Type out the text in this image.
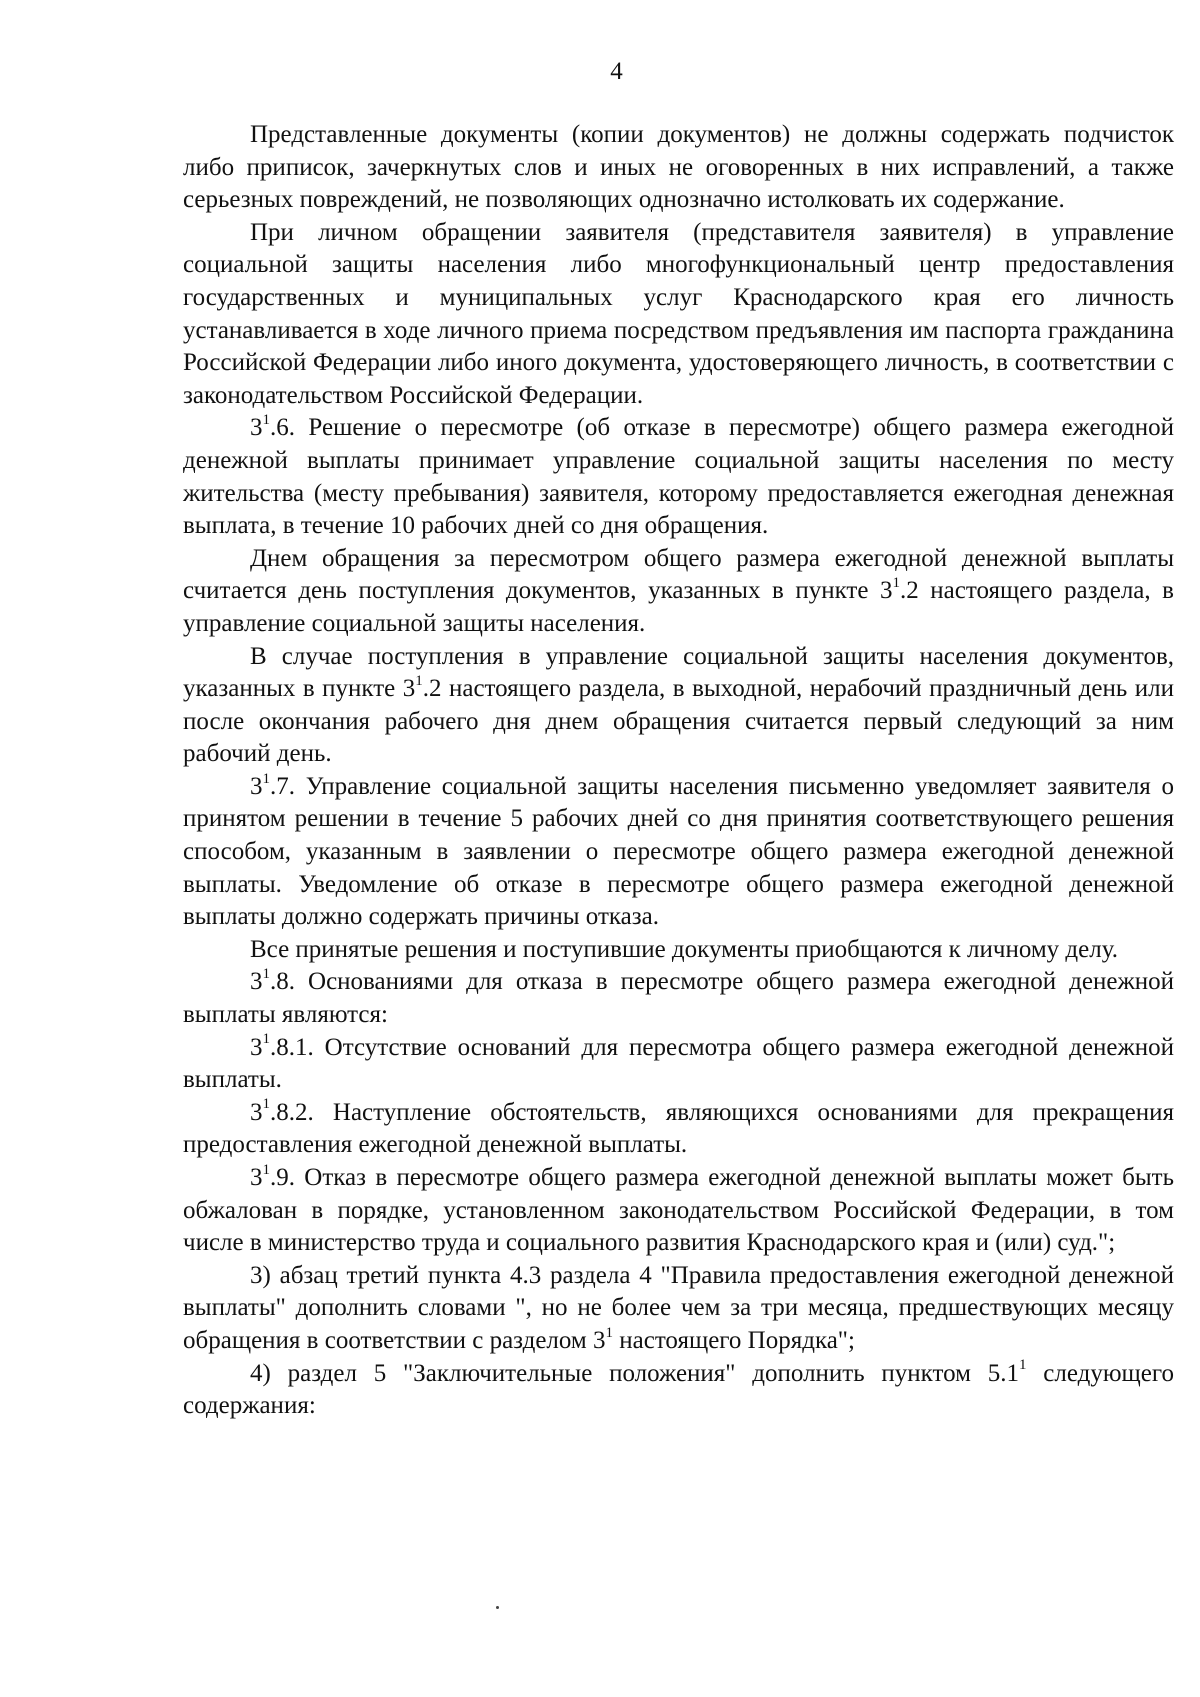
4

Представленные документы (копии документов) не должны содержать подчисток либо приписок, зачеркнутых слов и иных не оговоренных в них исправлений, а также серьезных повреждений, не позволяющих однозначно истолковать их содержание.

При личном обращении заявителя (представителя заявителя) в управление социальной защиты населения либо многофункциональный центр предоставления государственных и муниципальных услуг Краснодарского края его личность устанавливается в ходе личного приема посредством предъявления им паспорта гражданина Российской Федерации либо иного документа, удостоверяющего личность, в соответствии с законодательством Российской Федерации.

$3^1.6$. Решение о пересмотре (об отказе в пересмотре) общего размера ежегодной денежной выплаты принимает управление социальной защиты населения по месту жительства (месту пребывания) заявителя, которому предоставляется ежегодная денежная выплата, в течение 10 рабочих дней со дня обращения.

Днем обращения за пересмотром общего размера ежегодной денежной выплаты считается день поступления документов, указанных в пункте $3^1.2$ настоящего раздела, в управление социальной защиты населения.

В случае поступления в управление социальной защиты населения документов, указанных в пункте $3^1.2$ настоящего раздела, в выходной, нерабочий праздничный день или после окончания рабочего дня днем обращения считается первый следующий за ним рабочий день.

$3^1.7$. Управление социальной защиты населения письменно уведомляет заявителя о принятом решении в течение 5 рабочих дней со дня принятия соответствующего решения способом, указанным в заявлении о пересмотре общего размера ежегодной денежной выплаты. Уведомление об отказе в пересмотре общего размера ежегодной денежной выплаты должно содержать причины отказа.

Все принятые решения и поступившие документы приобщаются к личному делу.

$3^1.8$. Основаниями для отказа в пересмотре общего размера ежегодной денежной выплаты являются:

$3^1.8.1$. Отсутствие оснований для пересмотра общего размера ежегодной денежной выплаты.

$3^1.8.2$. Наступление обстоятельств, являющихся основаниями для прекращения предоставления ежегодной денежной выплаты.

$3^1.9$. Отказ в пересмотре общего размера ежегодной денежной выплаты может быть обжалован в порядке, установленном законодательством Российской Федерации, в том числе в министерство труда и социального развития Краснодарского края и (или) суд.";

3) абзац третий пункта 4.3 раздела 4 "Правила предоставления ежегодной денежной выплаты" дополнить словами ", но не более чем за три месяца, предшествующих месяцу обращения в соответствии с разделом $3^1$ настоящего Порядка";

4) раздел 5 "Заключительные положения" дополнить пунктом $5.1^1$ следующего содержания:
